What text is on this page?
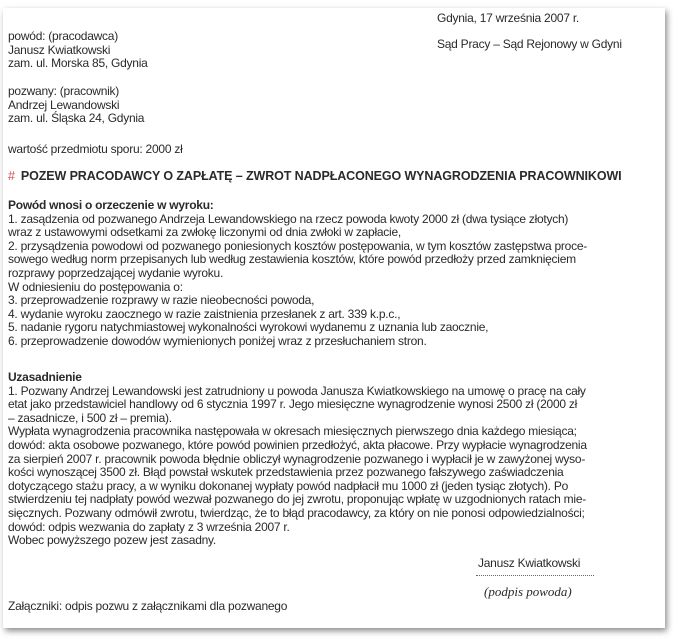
Gdynia, 17 września 2007 r.
Sąd Pracy – Sąd Rejonowy w Gdyni
powód: (pracodawca)
Janusz Kwiatkowski
zam. ul. Morska 85, Gdynia
pozwany: (pracownik)
Andrzej Lewandowski
zam. ul. Śląska 24, Gdynia
wartość przedmiotu sporu: 2000 zł
# POZEW PRACODAWCY O ZAPŁATĘ – ZWROT NADPŁACONEGO WYNAGRODZENIA PRACOWNIKOWI
Powód wnosi o orzeczenie w wyroku:
1. zasądzenia od pozwanego Andrzeja Lewandowskiego na rzecz powoda kwoty 2000 zł (dwa tysiące złotych)
wraz z ustawowymi odsetkami za zwłokę liczonymi od dnia zwłoki w zapłacie,
2. przysądzenia powodowi od pozwanego poniesionych kosztów postępowania, w tym kosztów zastępstwa proce-
sowego według norm przepisanych lub według zestawienia kosztów, które powód przedłoży przed zamknięciem
rozprawy poprzedzającej wydanie wyroku.
W odniesieniu do postępowania o:
3. przeprowadzenie rozprawy w razie nieobecności powoda,
4. wydanie wyroku zaocznego w razie zaistnienia przesłanek z art. 339 k.p.c.,
5. nadanie rygoru natychmiastowej wykonalności wyrokowi wydanemu z uznania lub zaocznie,
6. przeprowadzenie dowodów wymienionych poniżej wraz z przesłuchaniem stron.
Uzasadnienie
1. Pozwany Andrzej Lewandowski jest zatrudniony u powoda Janusza Kwiatkowskiego na umowę o pracę na cały
etat jako przedstawiciel handlowy od 6 stycznia 1997 r. Jego miesięczne wynagrodzenie wynosi 2500 zł (2000 zł
– zasadnicze, i 500 zł – premia).
Wypłata wynagrodzenia pracownika następowała w okresach miesięcznych pierwszego dnia każdego miesiąca;
dowód: akta osobowe pozwanego, które powód powinien przedłożyć, akta płacowe. Przy wypłacie wynagrodzenia
za sierpień 2007 r. pracownik powoda błędnie obliczył wynagrodzenie pozwanego i wypłacił je w zawyżonej wyso-
kości wynoszącej 3500 zł. Błąd powstał wskutek przedstawienia przez pozwanego fałszywego zaświadczenia
dotyczącego stażu pracy, a w wyniku dokonanej wypłaty powód nadpłacił mu 1000 zł (jeden tysiąc złotych). Po
stwierdzeniu tej nadpłaty powód wezwał pozwanego do jej zwrotu, proponując wpłatę w uzgodnionych ratach mie-
sięcznych. Pozwany odmówił zwrotu, twierdząc, że to błąd pracodawcy, za który on nie ponosi odpowiedzialności;
dowód: odpis wezwania do zapłaty z 3 września 2007 r.
Wobec powyższego pozew jest zasadny.
Janusz Kwiatkowski
(podpis powoda)
Załączniki: odpis pozwu z załącznikami dla pozwanego
